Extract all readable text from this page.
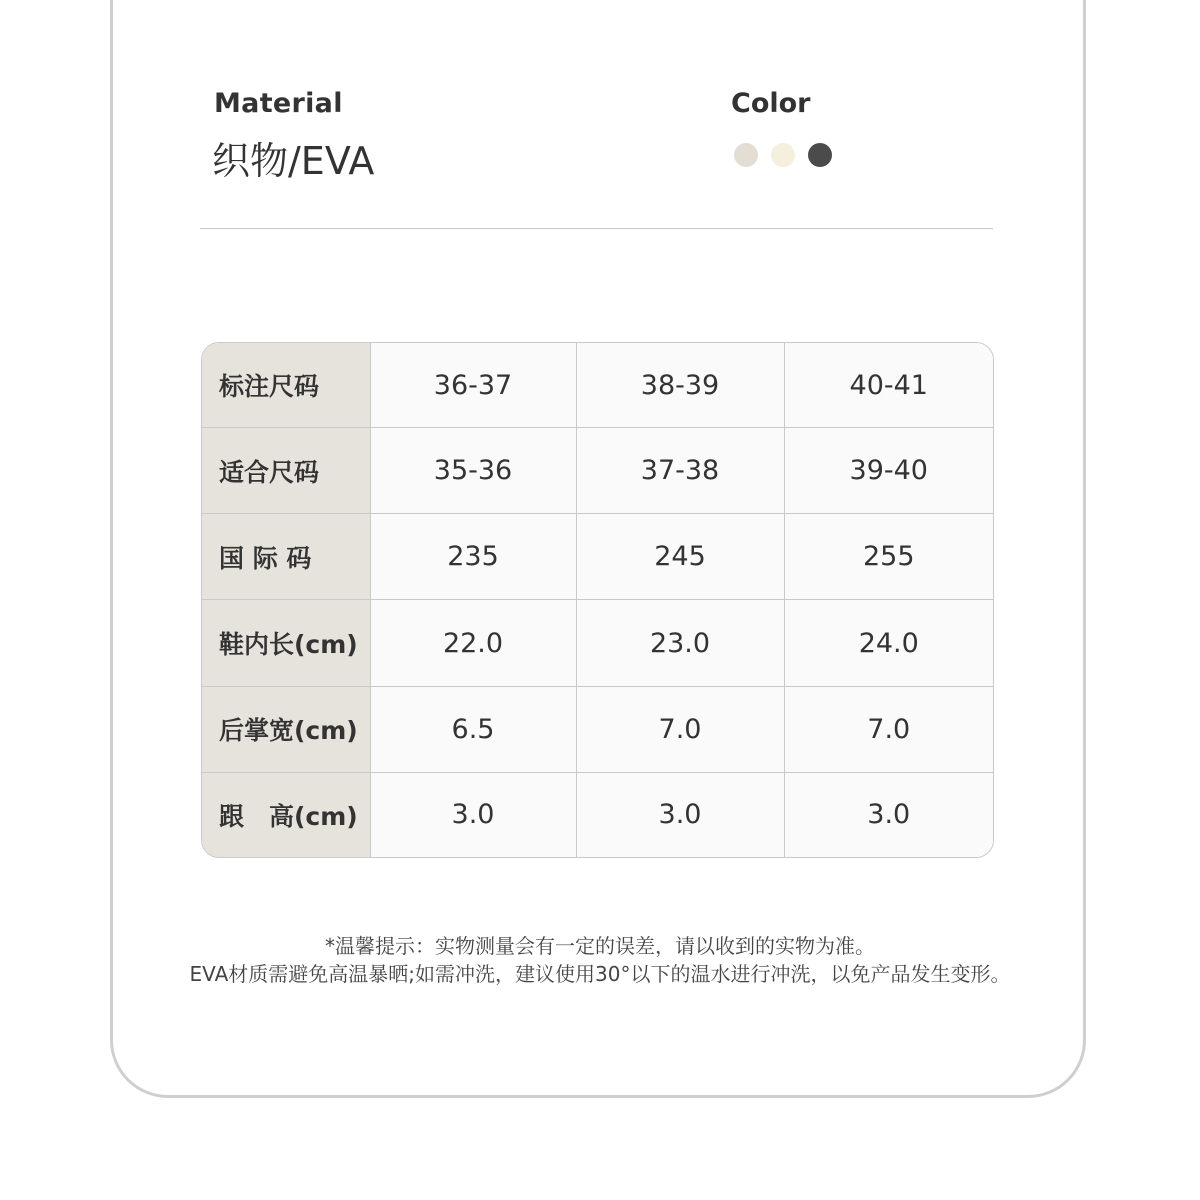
Material
织物/EVA
Color
标注尺码	36-37	38-39	40-41
适合尺码	35-36	37-38	39-40
国 际 码	235	245	255
鞋内长(cm)	22.0	23.0	24.0
后掌宽(cm)	6.5	7.0	7.0
跟　高(cm)	3.0	3.0	3.0
*温馨提示：实物测量会有一定的误差，请以收到的实物为准。
EVA材质需避免高温暴晒;如需冲洗，建议使用30°以下的温水进行冲洗，以免产品发生变形。
